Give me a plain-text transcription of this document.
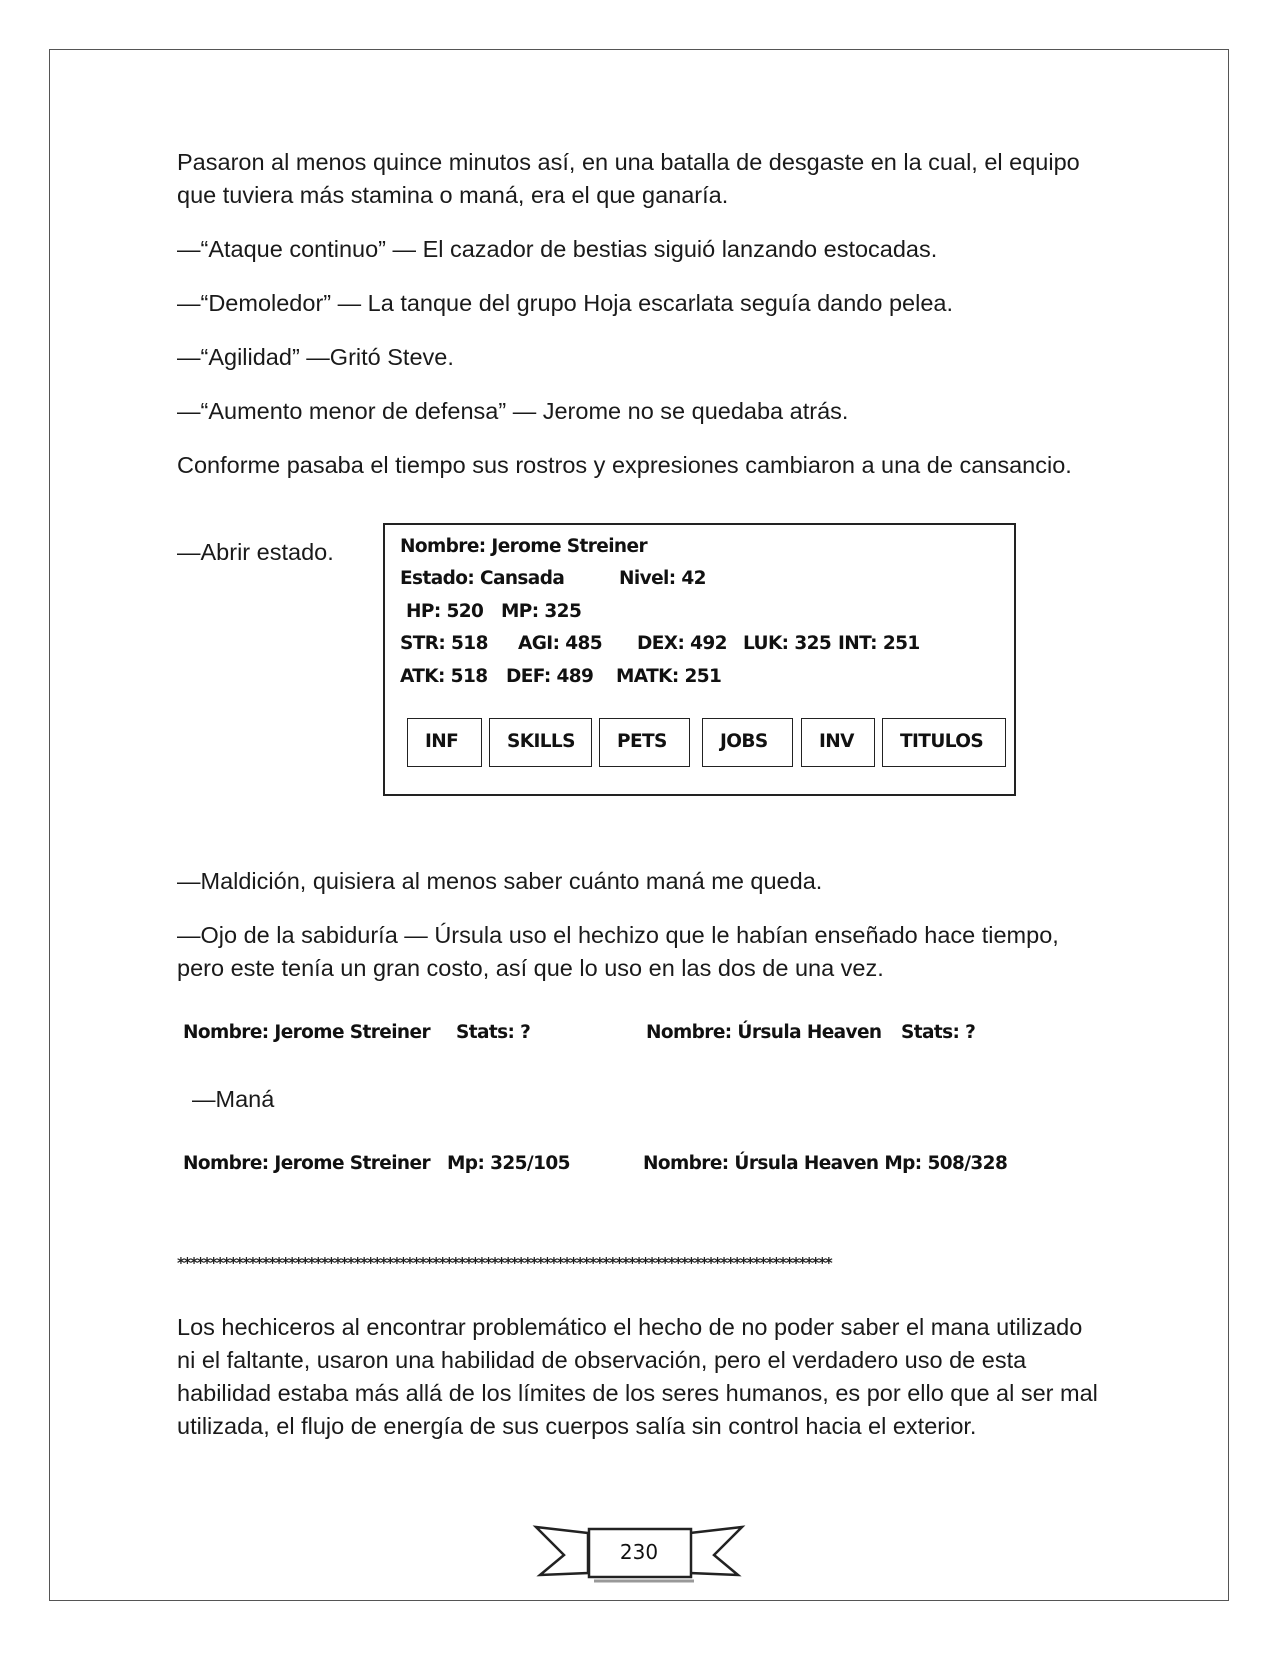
Pasaron al menos quince minutos así, en una batalla de desgaste en la cual, el equipo que tuviera más stamina o maná, era el que ganaría.

—“Ataque continuo” — El cazador de bestias siguió lanzando estocadas.

—“Demoledor” — La tanque del grupo Hoja escarlata seguía dando pelea.

—“Agilidad” —Gritó Steve.

—“Aumento menor de defensa” — Jerome no se quedaba atrás.

Conforme pasaba el tiempo sus rostros y expresiones cambiaron a una de cansancio.

—Abrir estado.	Nombre: Jerome Streiner
Estado: Cansada	Nivel: 42
HP: 520 MP: 325
STR: 518 AGI: 485 DEX: 492 LUK: 325 INT: 251
ATK: 518 DEF: 489 MATK: 251
INF	SKILLS	PETS	JOBS	INV	TITULOS

—Maldición, quisiera al menos saber cuánto maná me queda.

—Ojo de la sabiduría — Úrsula uso el hechizo que le habían enseñado hace tiempo, pero este tenía un gran costo, así que lo uso en las dos de una vez.

Nombre: Jerome Streiner Stats: ?	Nombre: Úrsula Heaven Stats: ?

—Maná

Nombre: Jerome Streiner Mp: 325/105	Nombre: Úrsula Heaven Mp: 508/328
****************************************************************************************************

Los hechiceros al encontrar problemático el hecho de no poder saber el mana utilizado ni el faltante, usaron una habilidad de observación, pero el verdadero uso de esta habilidad estaba más allá de los límites de los seres humanos, es por ello que al ser mal utilizada, el flujo de energía de sus cuerpos salía sin control hacia el exterior.

230
